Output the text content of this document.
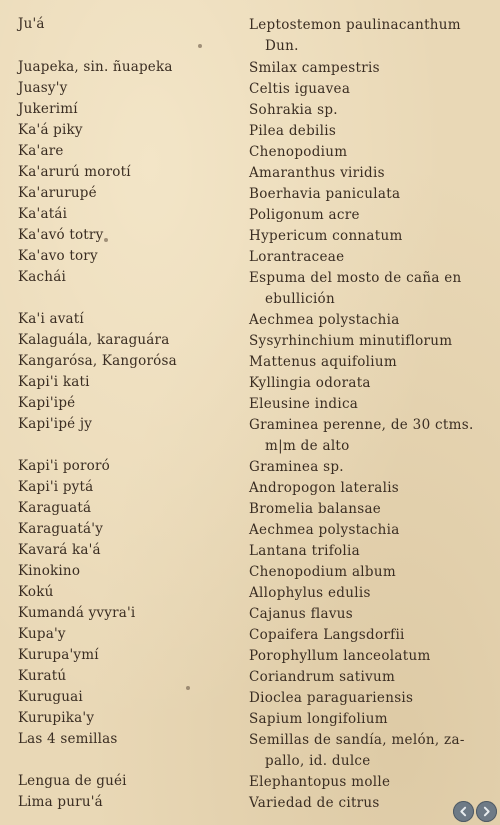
Ju'á	Leptostemon paulinacanthum
Dun.
Juapeka, sin. ñuapeka	Smilax campestris
Juasy'y	Celtis iguavea
Jukerimí	Sohrakia sp.
Ka'á piky	Pilea debilis
Ka'are	Chenopodium
Ka'arurú morotí	Amaranthus viridis
Ka'arurupé	Boerhavia paniculata
Ka'atái	Poligonum acre
Ka'avó totry	Hypericum connatum
Ka'avo tory	Lorantraceae
Kachái	Espuma del mosto de caña en
ebullición
Ka'i avatí	Aechmea polystachia
Kalaguála, karaguára	Sysyrhinchium minutiflorum
Kangarósa, Kangorósa	Mattenus aquifolium
Kapi'i kati	Kyllingia odorata
Kapi'ipé	Eleusine indica
Kapi'ipé jy	Graminea perenne, de 30 ctms.
m|m de alto
Kapi'i pororó	Graminea sp.
Kapi'i pytá	Andropogon lateralis
Karaguatá	Bromelia balansae
Karaguatá'y	Aechmea polystachia
Kavará ka'á	Lantana trifolia
Kinokino	Chenopodium album
Kokú	Allophylus edulis
Kumandá yvyra'i	Cajanus flavus
Kupa'y	Copaifera Langsdorfii
Kurupa'ymí	Porophyllum lanceolatum
Kuratú	Coriandrum sativum
Kuruguai	Dioclea paraguariensis
Kurupika'y	Sapium longifolium
Las 4 semillas	Semillas de sandía, melón, za-
pallo, id. dulce
Lengua de guéi	Elephantopus molle
Lima puru'á	Variedad de citrus
